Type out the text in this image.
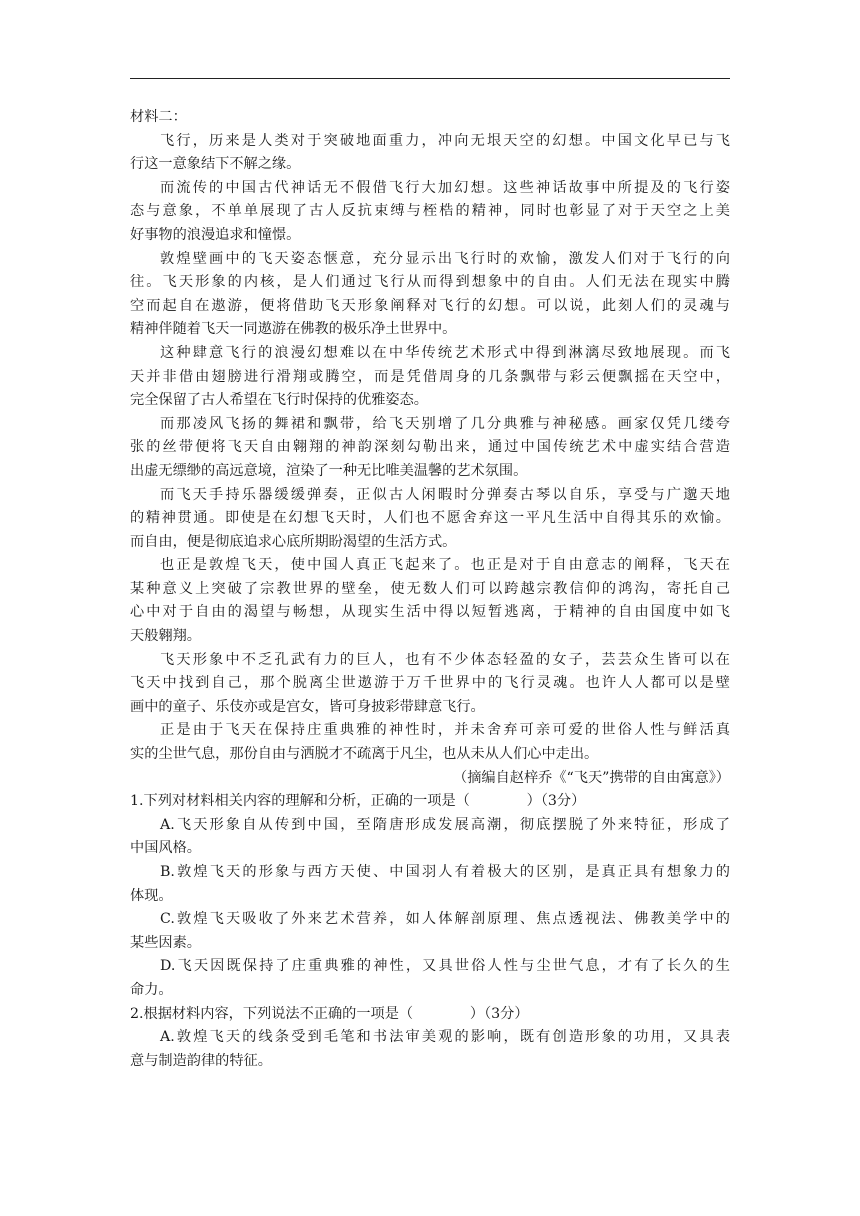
材料二：
飞行，历来是人类对于突破地面重力，冲向无垠天空的幻想。中国文化早已与飞
行这一意象结下不解之缘。
而流传的中国古代神话无不假借飞行大加幻想。这些神话故事中所提及的飞行姿
态与意象，不单单展现了古人反抗束缚与桎梏的精神，同时也彰显了对于天空之上美
好事物的浪漫追求和憧憬。
敦煌壁画中的飞天姿态惬意，充分显示出飞行时的欢愉，激发人们对于飞行的向
往。飞天形象的内核，是人们通过飞行从而得到想象中的自由。人们无法在现实中腾
空而起自在遨游，便将借助飞天形象阐释对飞行的幻想。可以说，此刻人们的灵魂与
精神伴随着飞天一同遨游在佛教的极乐净土世界中。
这种肆意飞行的浪漫幻想难以在中华传统艺术形式中得到淋漓尽致地展现。而飞
天并非借由翅膀进行滑翔或腾空，而是凭借周身的几条飘带与彩云便飘摇在天空中，
完全保留了古人希望在飞行时保持的优雅姿态。
而那凌风飞扬的舞裙和飘带，给飞天别增了几分典雅与神秘感。画家仅凭几缕夸
张的丝带便将飞天自由翱翔的神韵深刻勾勒出来，通过中国传统艺术中虚实结合营造
出虚无缥缈的高远意境，渲染了一种无比唯美温馨的艺术氛围。
而飞天手持乐器缓缓弹奏，正似古人闲暇时分弹奏古琴以自乐，享受与广邈天地
的精神贯通。即使是在幻想飞天时，人们也不愿舍弃这一平凡生活中自得其乐的欢愉。
而自由，便是彻底追求心底所期盼渴望的生活方式。
也正是敦煌飞天，使中国人真正飞起来了。也正是对于自由意志的阐释，飞天在
某种意义上突破了宗教世界的壁垒，使无数人们可以跨越宗教信仰的鸿沟，寄托自己
心中对于自由的渴望与畅想，从现实生活中得以短暂逃离，于精神的自由国度中如飞
天般翱翔。
飞天形象中不乏孔武有力的巨人，也有不少体态轻盈的女子，芸芸众生皆可以在
飞天中找到自己，那个脱离尘世遨游于万千世界中的飞行灵魂。也许人人都可以是壁
画中的童子、乐伎亦或是宫女，皆可身披彩带肆意飞行。
正是由于飞天在保持庄重典雅的神性时，并未舍弃可亲可爱的世俗人性与鲜活真
实的尘世气息，那份自由与洒脱才不疏离于凡尘，也从未从人们心中走出。
（摘编自赵梓乔《“飞天”携带的自由寓意》）
1.下列对材料相关内容的理解和分析，正确的一项是（　　　　）（3分）
A.飞天形象自从传到中国，至隋唐形成发展高潮，彻底摆脱了外来特征，形成了
中国风格。
B.敦煌飞天的形象与西方天使、中国羽人有着极大的区别，是真正具有想象力的
体现。
C.敦煌飞天吸收了外来艺术营养，如人体解剖原理、焦点透视法、佛教美学中的
某些因素。
D.飞天因既保持了庄重典雅的神性，又具世俗人性与尘世气息，才有了长久的生
命力。
2.根据材料内容，下列说法不正确的一项是（　　　　）（3分）
A.敦煌飞天的线条受到毛笔和书法审美观的影响，既有创造形象的功用，又具表
意与制造韵律的特征。
